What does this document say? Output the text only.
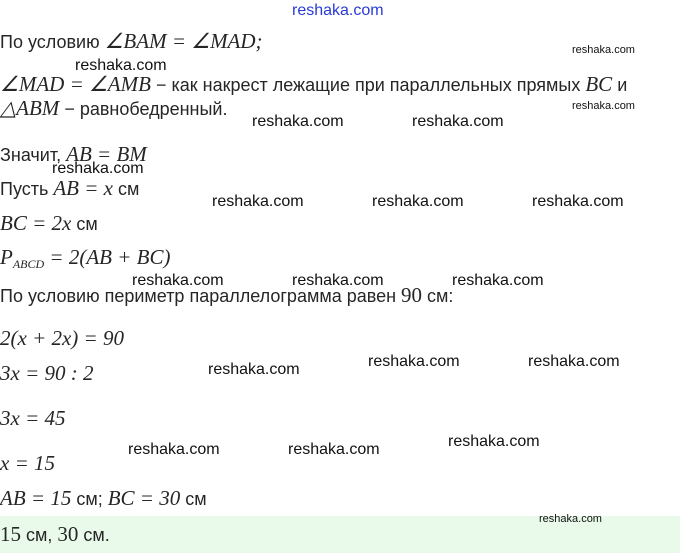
По условию ∠BAM = ∠MAD;
∠MAD = ∠AMB − как накрест лежащие при параллельных прямых BC и
△ABM − равнобедренный.
Значит, AB = BM
Пусть AB = x см
BC = 2x см
$P_{ABCD} = 2(AB + BC)$
По условию периметр параллелограмма равен 90 см:
2(x + 2x) = 90
3x = 90 : 2
3x = 45
x = 15
AB = 15 см; BC = 30 см
15 см, 30 см.
reshaka.com
reshaka.com
reshaka.com
reshaka.com
reshaka.com	reshaka.com
reshaka.com
reshaka.com	reshaka.com	reshaka.com
reshaka.com	reshaka.com	reshaka.com
reshaka.com	reshaka.com
reshaka.com
reshaka.com
reshaka.com	reshaka.com
reshaka.com
